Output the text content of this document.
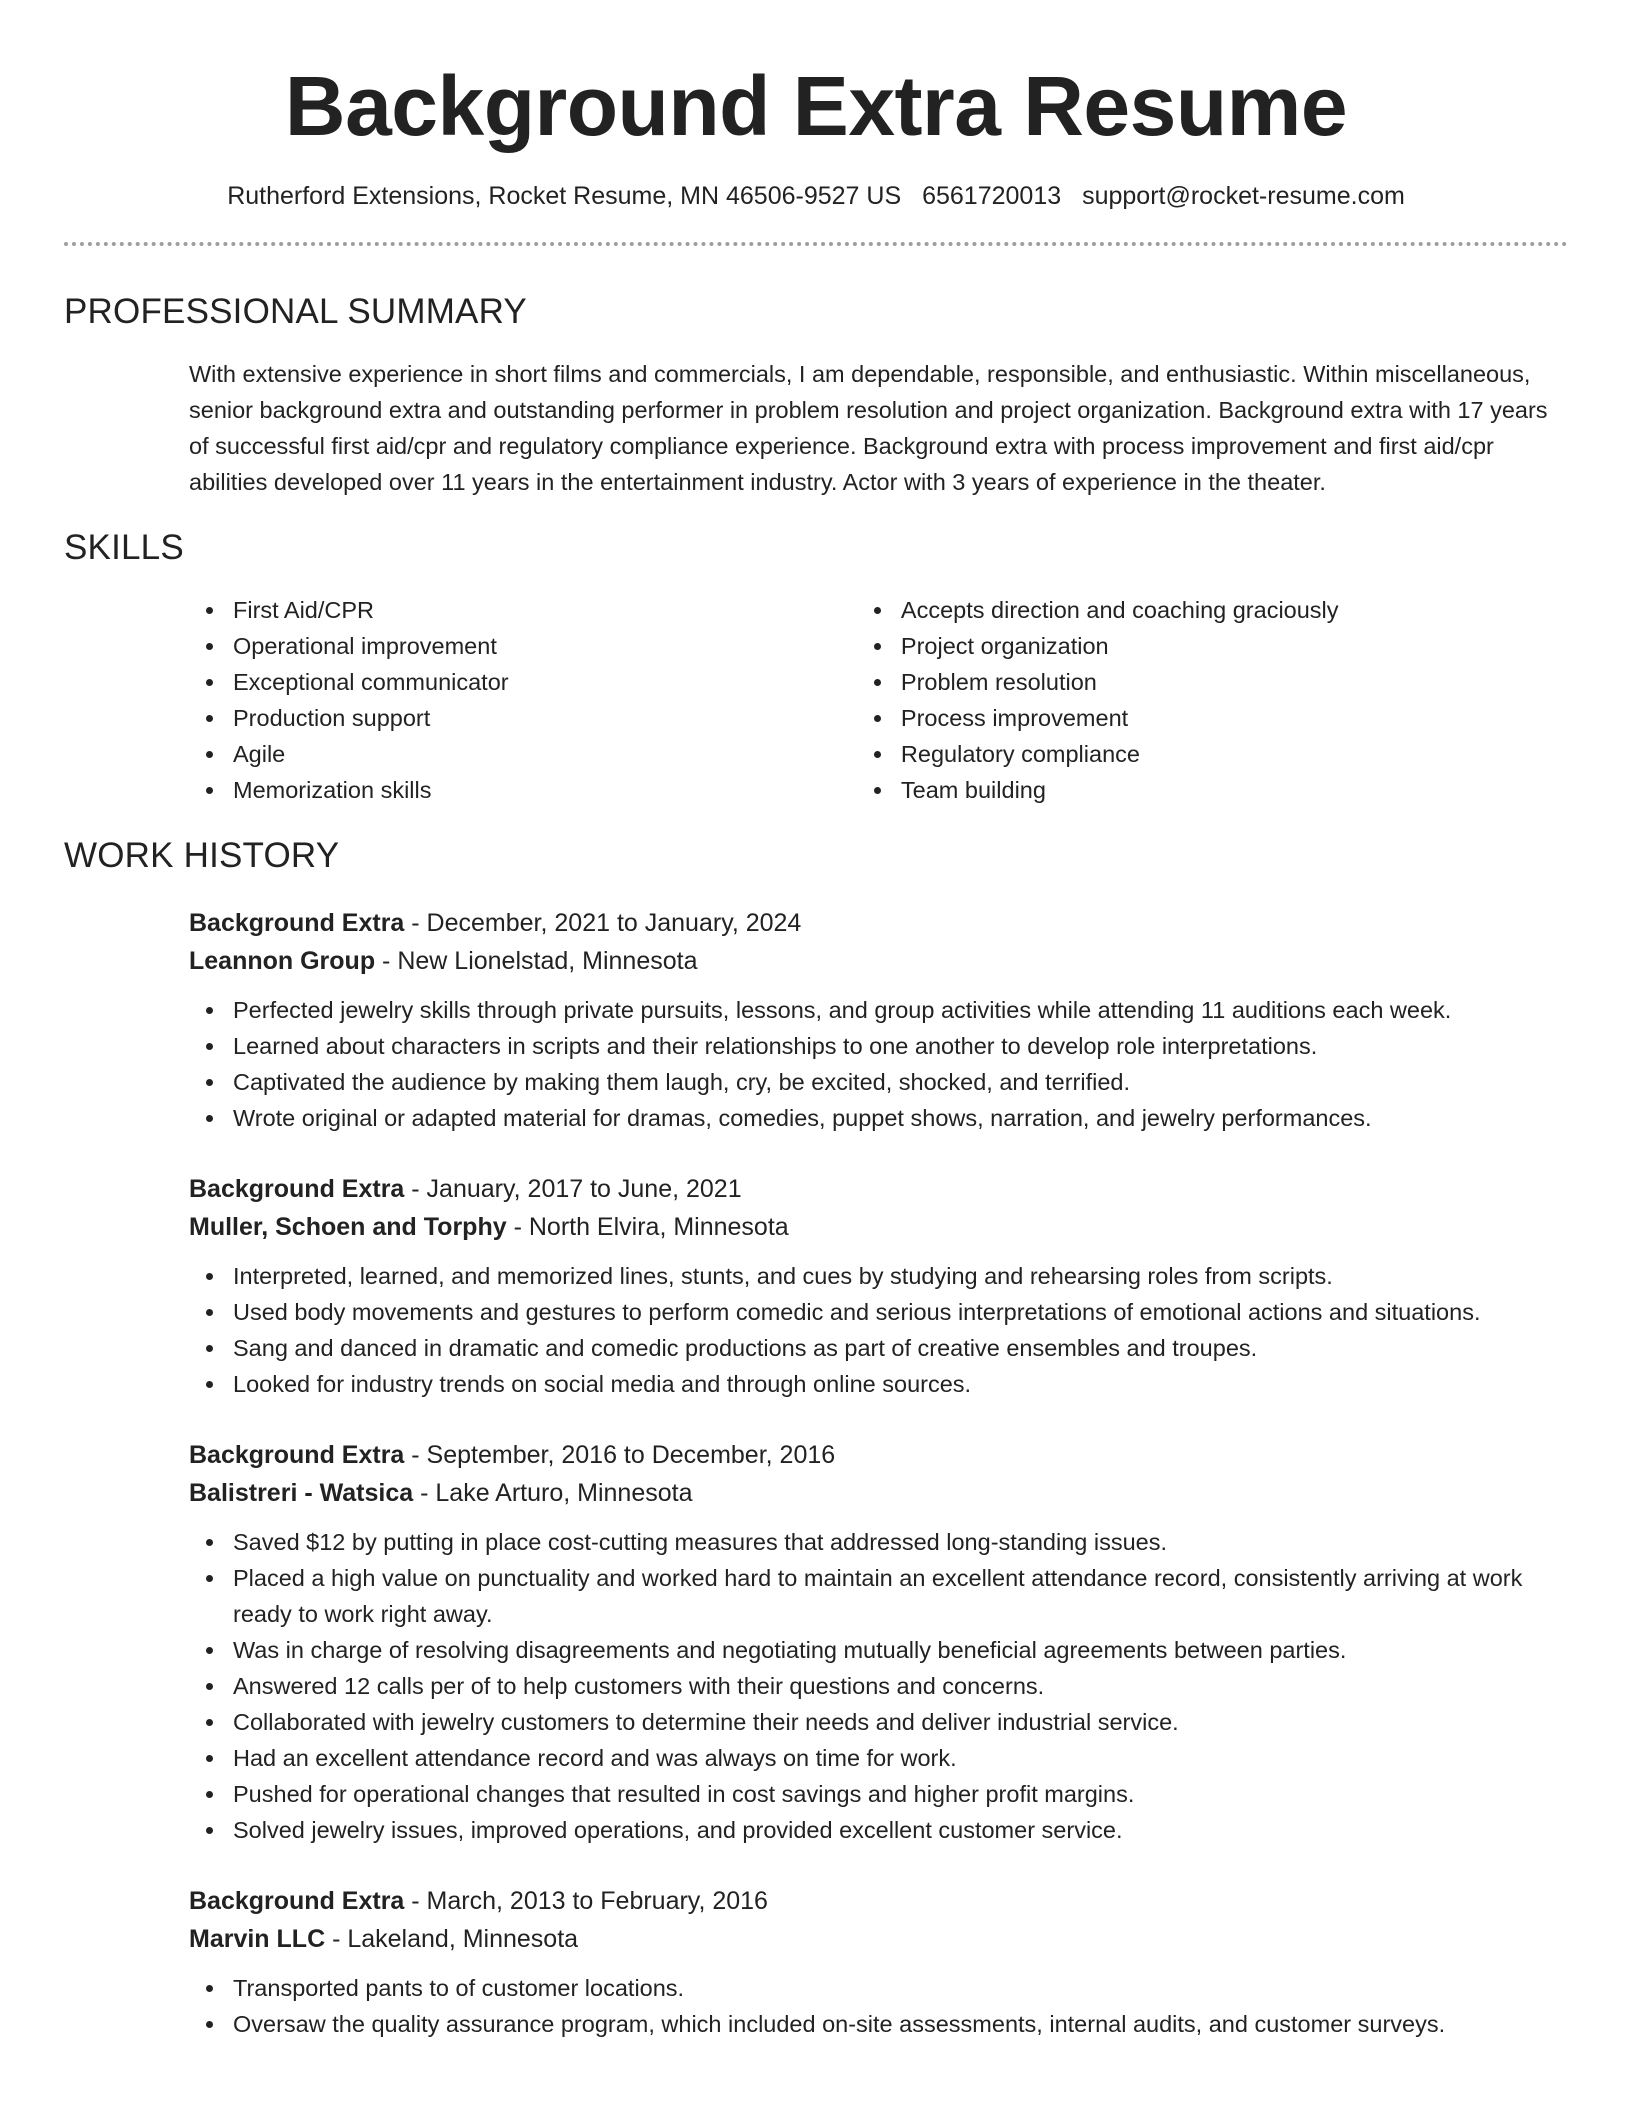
Background Extra Resume
Rutherford Extensions, Rocket Resume, MN 46506-9527 US 6561720013 support@rocket-resume.com
PROFESSIONAL SUMMARY
With extensive experience in short films and commercials, I am dependable, responsible, and enthusiastic. Within miscellaneous, senior background extra and outstanding performer in problem resolution and project organization. Background extra with 17 years of successful first aid/cpr and regulatory compliance experience. Background extra with process improvement and first aid/cpr abilities developed over 11 years in the entertainment industry. Actor with 3 years of experience in the theater.
SKILLS
First Aid/CPR
Operational improvement
Exceptional communicator
Production support
Agile
Memorization skills
Accepts direction and coaching graciously
Project organization
Problem resolution
Process improvement
Regulatory compliance
Team building
WORK HISTORY
Background Extra - December, 2021 to January, 2024
Leannon Group - New Lionelstad, Minnesota
Perfected jewelry skills through private pursuits, lessons, and group activities while attending 11 auditions each week.
Learned about characters in scripts and their relationships to one another to develop role interpretations.
Captivated the audience by making them laugh, cry, be excited, shocked, and terrified.
Wrote original or adapted material for dramas, comedies, puppet shows, narration, and jewelry performances.
Background Extra - January, 2017 to June, 2021
Muller, Schoen and Torphy - North Elvira, Minnesota
Interpreted, learned, and memorized lines, stunts, and cues by studying and rehearsing roles from scripts.
Used body movements and gestures to perform comedic and serious interpretations of emotional actions and situations.
Sang and danced in dramatic and comedic productions as part of creative ensembles and troupes.
Looked for industry trends on social media and through online sources.
Background Extra - September, 2016 to December, 2016
Balistreri - Watsica - Lake Arturo, Minnesota
Saved $12 by putting in place cost-cutting measures that addressed long-standing issues.
Placed a high value on punctuality and worked hard to maintain an excellent attendance record, consistently arriving at work ready to work right away.
Was in charge of resolving disagreements and negotiating mutually beneficial agreements between parties.
Answered 12 calls per of to help customers with their questions and concerns.
Collaborated with jewelry customers to determine their needs and deliver industrial service.
Had an excellent attendance record and was always on time for work.
Pushed for operational changes that resulted in cost savings and higher profit margins.
Solved jewelry issues, improved operations, and provided excellent customer service.
Background Extra - March, 2013 to February, 2016
Marvin LLC - Lakeland, Minnesota
Transported pants to of customer locations.
Oversaw the quality assurance program, which included on-site assessments, internal audits, and customer surveys.
